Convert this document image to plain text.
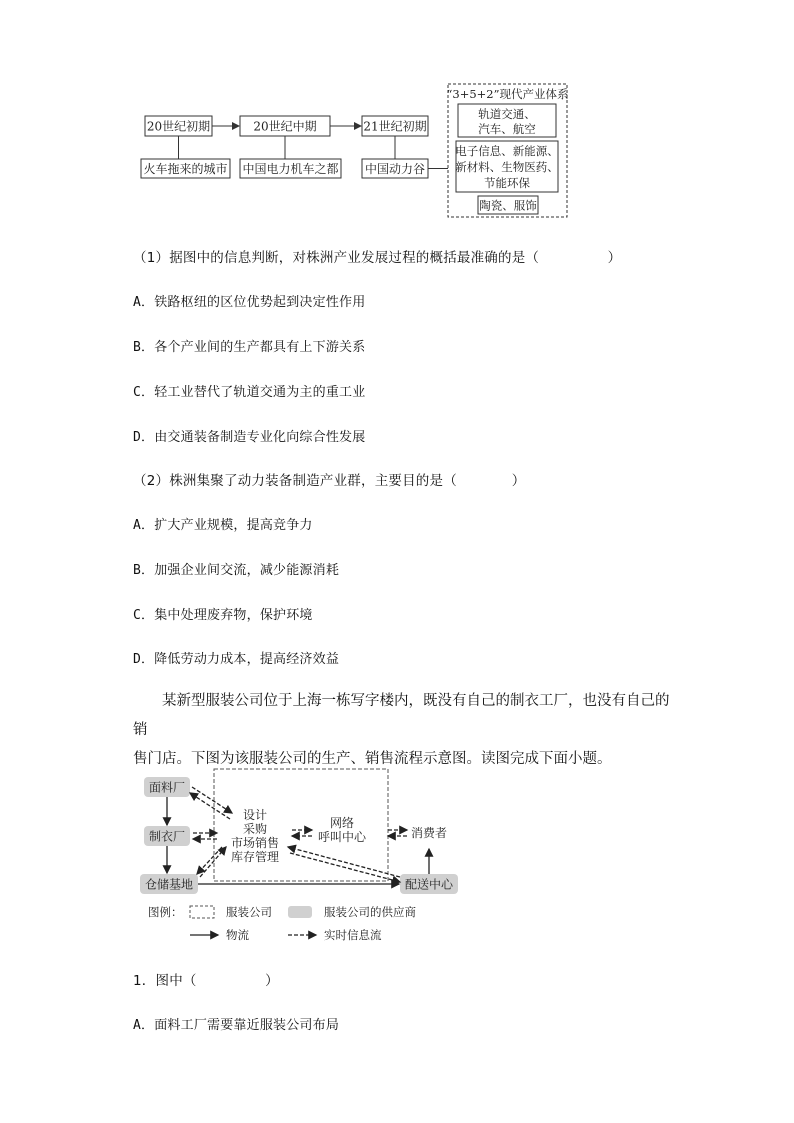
20世纪初期	20世纪中期	21世纪初期
火车拖来的城市 中国电力机车之都 中国动力谷
“3+5+2”现代产业体系
轨道交通、
汽车、航空
电子信息、新能源、
新材料、生物医药、
节能环保
陶瓷、服饰
（1）据图中的信息判断，对株洲产业发展过程的概括最准确的是（　　　　　）
A．铁路枢纽的区位优势起到决定性作用
B．各个产业间的生产都具有上下游关系
C．轻工业替代了轨道交通为主的重工业
D．由交通装备制造专业化向综合性发展
（2）株洲集聚了动力装备制造产业群，主要目的是（　　　　）
A．扩大产业规模，提高竞争力
B．加强企业间交流，减少能源消耗
C．集中处理废弃物，保护环境
D．降低劳动力成本，提高经济效益
某新型服装公司位于上海一栋写字楼内，既没有自己的制衣工厂，也没有自己的销
售门店。下图为该服装公司的生产、销售流程示意图。读图完成下面小题。
面料厂
制衣厂
仓储基地	配送中心
设计
采购
市场销售
库存管理
网络
呼叫中心	消费者
图例：	服装公司	服装公司的供应商
物流	实时信息流
1．图中（　　　　　）
A．面料工厂需要靠近服装公司布局
